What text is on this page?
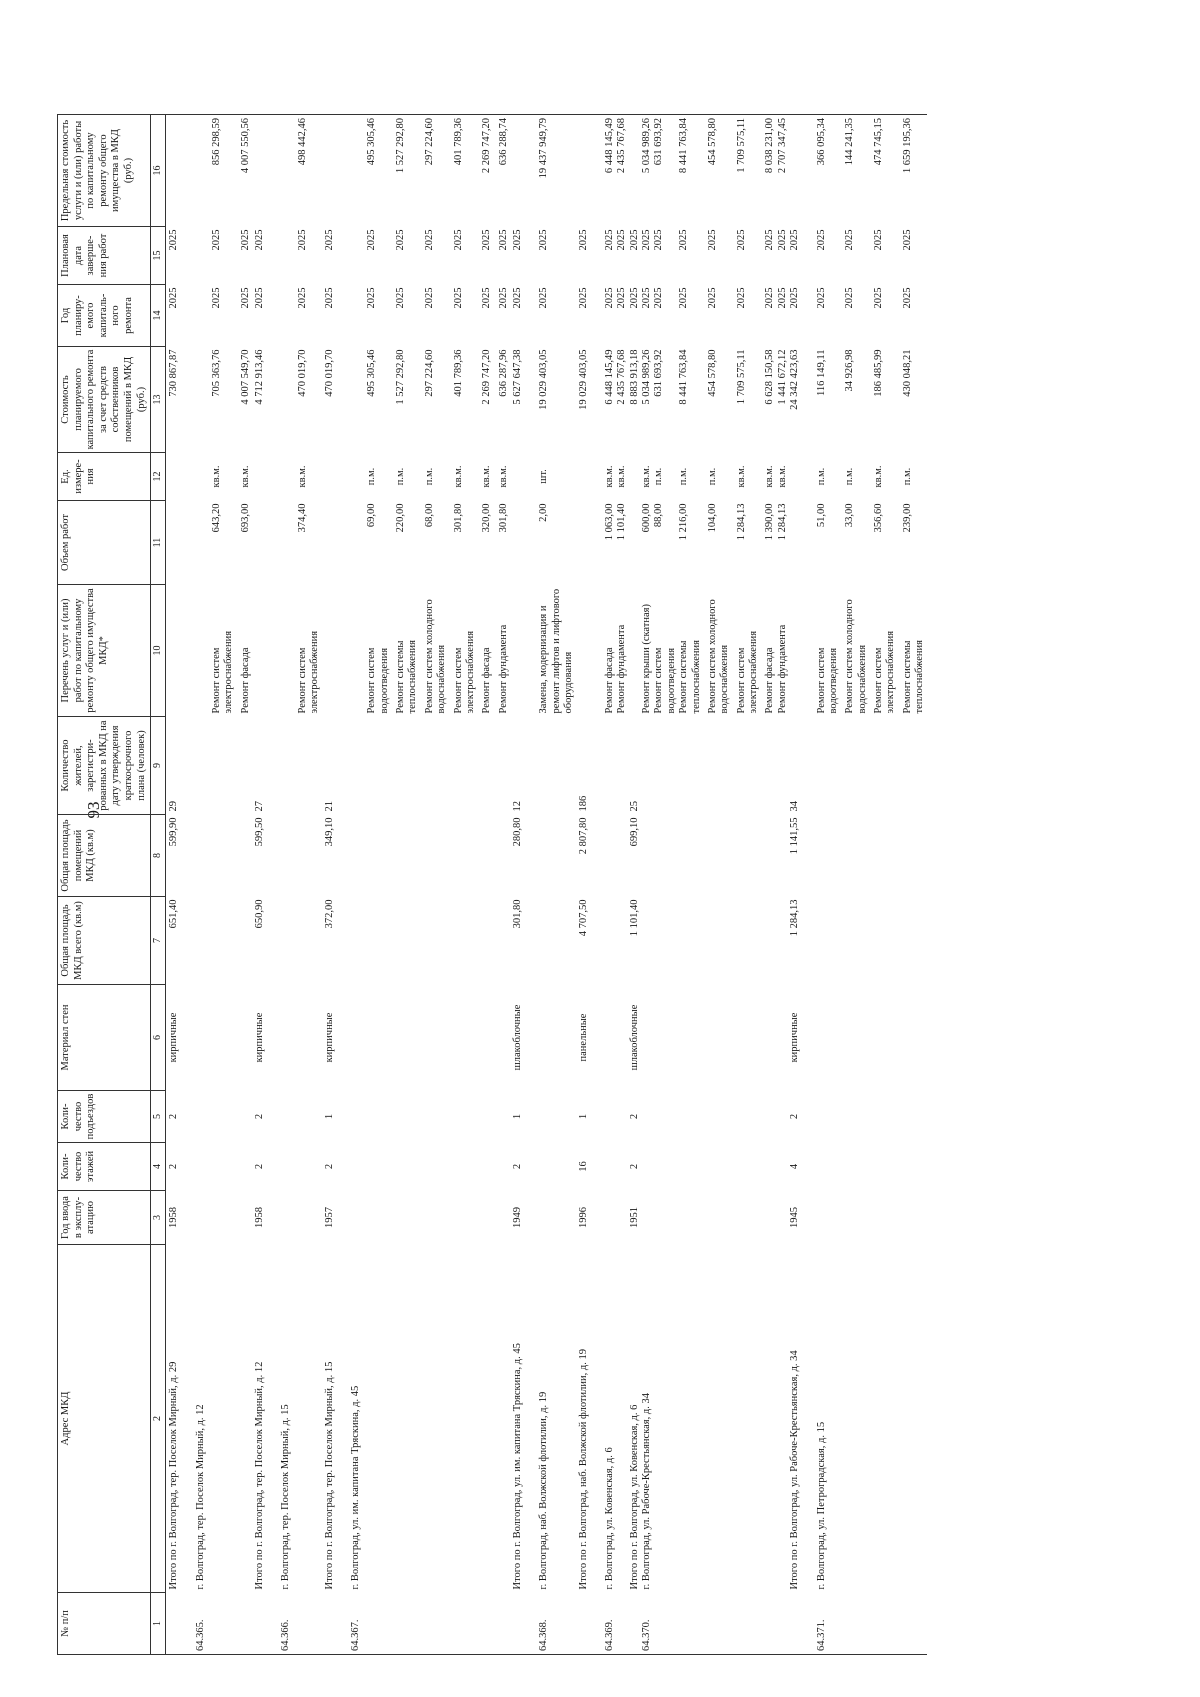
93
№ п/п	Адрес МКД	Год ввода в эксплу-атацию	Коли-чество этажей	Коли-чество подъездов	Материал стен	Общая площадь МКД всего (кв.м)	Общая площадь помещений МКД (кв.м)	Количество жителей, зарегистри-рованных в МКД на дату утверждения краткосрочного плана (человек)	Перечень услуг и (или) работ по капитальному ремонту общего имущества МКД*	Объем работ	Ед. измере-ния	Стоимость планируемого капитального ремонта за счет средств собственников помещений в МКД (руб.)	Год планиру-емого капиталь-ного ремонта	Плановая дата заверше-ния работ	Предельная стоимость услуги и (или) работы по капитальному ремонту общего имущества в МКД (руб.)
1	2	3	4	5	6	7	8	9	10	11	12	13	14	15	16
	Итого по г. Волгоград, тер. Поселок Мирный, д. 29	1958	2	2	кирпичные	651,40	599,90	29				730 867,87	2025	2025	
64.365.	г. Волгоград, тер. Поселок Мирный, д. 12														
									Ремонт систем электроснабжения	643,20	кв.м.	705 363,76	2025	2025	856 298,59
									Ремонт фасада	693,00	кв.м.	4 007 549,70	2025	2025	4 007 550,56
	Итого по г. Волгоград, тер. Поселок Мирный, д. 12	1958	2	2	кирпичные	650,90	599,50	27				4 712 913,46	2025	2025	
64.366.	г. Волгоград, тер. Поселок Мирный, д. 15														
									Ремонт систем электроснабжения	374,40	кв.м.	470 019,70	2025	2025	498 442,46
	Итого по г. Волгоград, тер. Поселок Мирный, д. 15	1957	2	1	кирпичные	372,00	349,10	21				470 019,70	2025	2025	
64.367.	г. Волгоград, ул. им. капитана Тряскина, д. 45														
									Ремонт систем водоотведения	69,00	п.м.	495 305,46	2025	2025	495 305,46
									Ремонт системы теплоснабжения	220,00	п.м.	1 527 292,80	2025	2025	1 527 292,80
									Ремонт систем холодного водоснабжения	68,00	п.м.	297 224,60	2025	2025	297 224,60
									Ремонт систем электроснабжения	301,80	кв.м.	401 789,36	2025	2025	401 789,36
									Ремонт фасада	320,00	кв.м.	2 269 747,20	2025	2025	2 269 747,20
									Ремонт фундамента	301,80	кв.м.	636 287,96	2025	2025	636 288,74
	Итого по г. Волгоград, ул. им. капитана Тряскина, д. 45	1949	2	1	шлакоблочные	301,80	280,80	12				5 627 647,38	2025	2025	
64.368.	г. Волгоград, наб. Волжской флотилии, д. 19								Замена, модернизация и ремонт лифтов и лифтового оборудования	2,00	шт.	19 029 403,05	2025	2025	19 437 949,79
	Итого по г. Волгоград, наб. Волжской флотилии, д. 19	1996	16	1	панельные	4 707,50	2 807,80	186				19 029 403,05	2025	2025	
64.369.	г. Волгоград, ул. Ковенская, д. 6								Ремонт фасада	1 063,00	кв.м.	6 448 145,49	2025	2025	6 448 145,49
									Ремонт фундамента	1 101,40	кв.м.	2 435 767,68	2025	2025	2 435 767,68
	Итого по г. Волгоград, ул. Ковенская, д. 6	1951	2	2	шлакоблочные	1 101,40	699,10	25				8 883 913,18	2025	2025	
64.370.	г. Волгоград, ул. Рабоче-Крестьянская, д. 34								Ремонт крыши (скатная)	600,00	кв.м.	5 034 989,26	2025	2025	5 034 989,26
									Ремонт систем водоотведения	88,00	п.м.	631 693,92	2025	2025	631 693,92
									Ремонт системы теплоснабжения	1 216,00	п.м.	8 441 763,84	2025	2025	8 441 763,84
									Ремонт систем холодного водоснабжения	104,00	п.м.	454 578,80	2025	2025	454 578,80
									Ремонт систем электроснабжения	1 284,13	кв.м.	1 709 575,11	2025	2025	1 709 575,11
									Ремонт фасада	1 390,00	кв.м.	6 628 150,58	2025	2025	8 038 231,00
									Ремонт фундамента	1 284,13	кв.м.	1 441 672,12	2025	2025	2 707 347,45
	Итого по г. Волгоград, ул. Рабоче-Крестьянская, д. 34	1945	4	2	кирпичные	1 284,13	1 141,55	34				24 342 423,63	2025	2025	
64.371.	г. Волгоград, ул. Петроградская, д. 15								Ремонт систем водоотведения	51,00	п.м.	116 149,11	2025	2025	366 095,34
									Ремонт систем холодного водоснабжения	33,00	п.м.	34 926,98	2025	2025	144 241,35
									Ремонт систем электроснабжения	356,60	кв.м.	186 485,99	2025	2025	474 745,15
									Ремонт системы теплоснабжения	239,00	п.м.	430 048,21	2025	2025	1 659 195,36
